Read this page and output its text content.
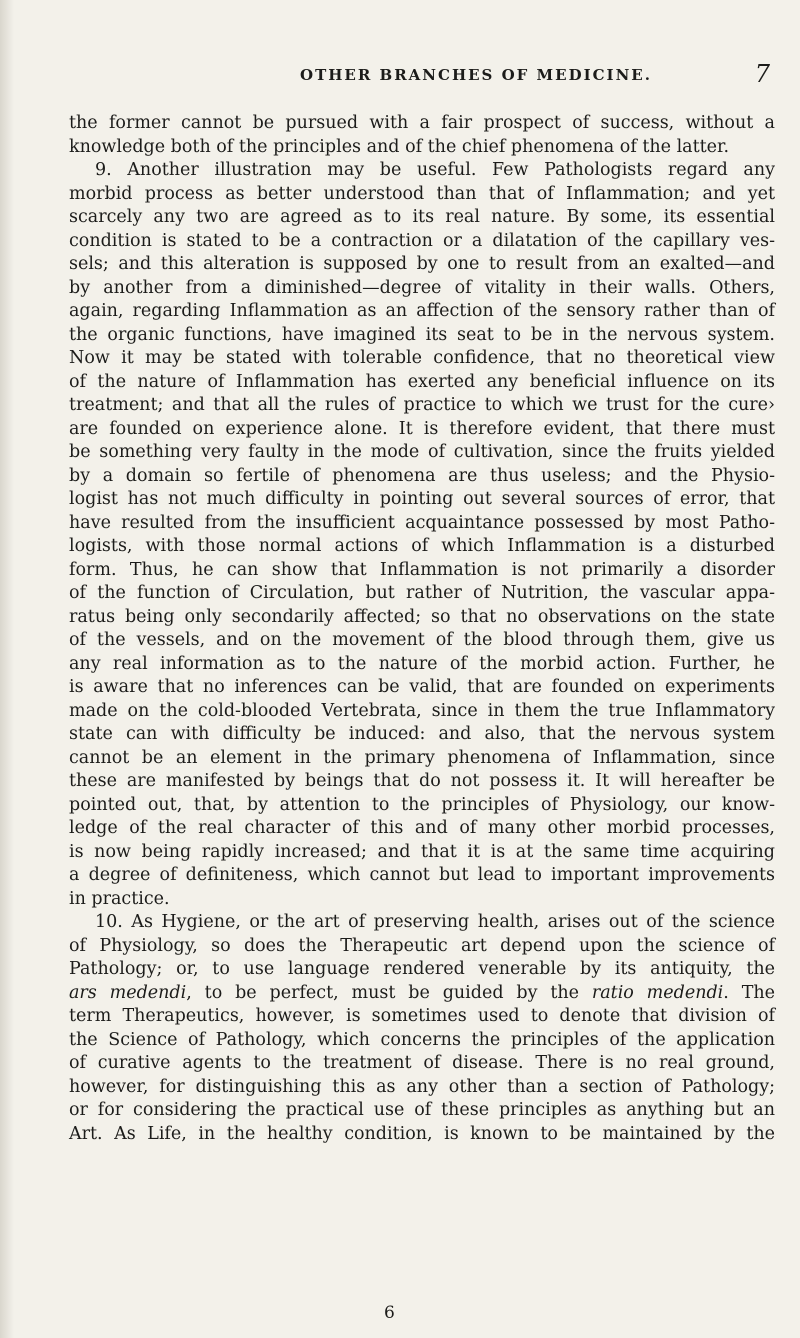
OTHER BRANCHES OF MEDICINE.	7
the former cannot be pursued with a fair prospect of success, without a
knowledge both of the principles and of the chief phenomena of the latter.
9. Another illustration may be useful. Few Pathologists regard any
morbid process as better understood than that of Inflammation; and yet
scarcely any two are agreed as to its real nature. By some, its essential
condition is stated to be a contraction or a dilatation of the capillary ves-
sels; and this alteration is supposed by one to result from an exalted—and
by another from a diminished—degree of vitality in their walls. Others,
again, regarding Inflammation as an affection of the sensory rather than of
the organic functions, have imagined its seat to be in the nervous system.
Now it may be stated with tolerable confidence, that no theoretical view
of the nature of Inflammation has exerted any beneficial influence on its
treatment; and that all the rules of practice to which we trust for the cure›
are founded on experience alone. It is therefore evident, that there must
be something very faulty in the mode of cultivation, since the fruits yielded
by a domain so fertile of phenomena are thus useless; and the Physio-
logist has not much difficulty in pointing out several sources of error, that
have resulted from the insufficient acquaintance possessed by most Patho-
logists, with those normal actions of which Inflammation is a disturbed
form. Thus, he can show that Inflammation is not primarily a disorder
of the function of Circulation, but rather of Nutrition, the vascular appa-
ratus being only secondarily affected; so that no observations on the state
of the vessels, and on the movement of the blood through them, give us
any real information as to the nature of the morbid action. Further, he
is aware that no inferences can be valid, that are founded on experiments
made on the cold-blooded Vertebrata, since in them the true Inflammatory
state can with difficulty be induced: and also, that the nervous system
cannot be an element in the primary phenomena of Inflammation, since
these are manifested by beings that do not possess it. It will hereafter be
pointed out, that, by attention to the principles of Physiology, our know-
ledge of the real character of this and of many other morbid processes,
is now being rapidly increased; and that it is at the same time acquiring
a degree of definiteness, which cannot but lead to important improvements
in practice.
10. As Hygiene, or the art of preserving health, arises out of the science
of Physiology, so does the Therapeutic art depend upon the science of
Pathology; or, to use language rendered venerable by its antiquity, the
ars medendi, to be perfect, must be guided by the ratio medendi. The
term Therapeutics, however, is sometimes used to denote that division of
the Science of Pathology, which concerns the principles of the application
of curative agents to the treatment of disease. There is no real ground,
however, for distinguishing this as any other than a section of Pathology;
or for considering the practical use of these principles as anything but an
Art. As Life, in the healthy condition, is known to be maintained by the
6
